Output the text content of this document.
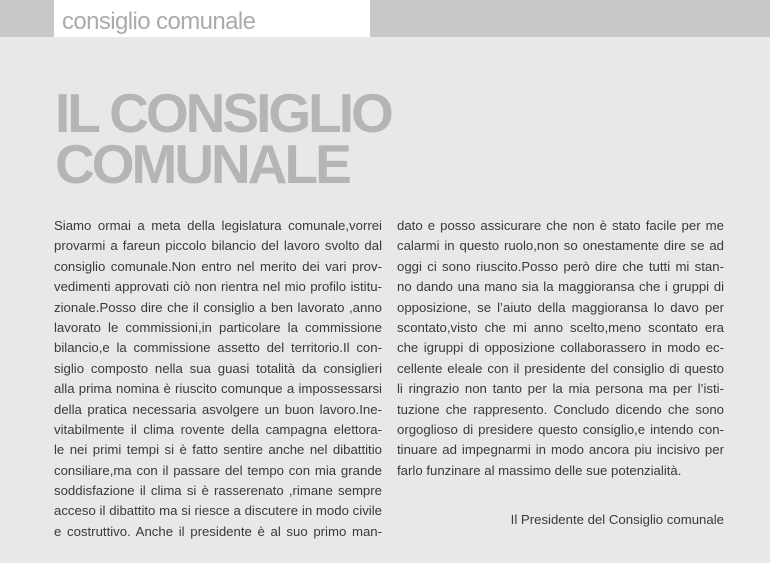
consiglio comunale
IL CONSIGLIO
COMUNALE
Siamo ormai a meta della legislatura comunale,vorrei
provarmi a fareun piccolo bilancio del lavoro svolto dal
consiglio comunale.Non entro nel merito dei vari prov-
vedimenti approvati ciò non rientra nel mio profilo istitu-
zionale.Posso dire che il consiglio a ben lavorato ,anno
lavorato le commissioni,in particolare la commissione
bilancio,e la commissione assetto del territorio.Il con-
siglio composto nella sua guasi totalità da consiglieri
alla prima nomina è riuscito comunque a impossessarsi
della pratica necessaria asvolgere un buon lavoro.Ine-
vitabilmente il clima rovente della campagna elettora-
le nei primi tempi si è fatto sentire anche nel dibattitio
consiliare,ma con il passare del tempo con mia grande
soddisfazione il clima si è rasserenato ,rimane sempre
acceso il dibattito ma si riesce a discutere in modo civile
e costruttivo. Anche il presidente è al suo primo man-
dato e posso assicurare che non è stato facile per me
calarmi in questo ruolo,non so onestamente dire se ad
oggi ci sono riuscito.Posso però dire che tutti mi stan-
no dando una mano sia la maggioransa che i gruppi di
opposizione, se l’aiuto della maggioransa lo davo per
scontato,visto che mi anno scelto,meno scontato era
che igruppi di opposizione collaborassero in modo ec-
cellente eleale con il presidente del consiglio di questo
li ringrazio non tanto per la mia persona ma per l’isti-
tuzione che rappresento. Concludo dicendo che sono
orgoglioso di presidere questo consiglio,e intendo con-
tinuare ad impegnarmi in modo ancora piu incisivo per
farlo funzinare al massimo delle sue potenzialità.
Il Presidente del Consiglio comunale
